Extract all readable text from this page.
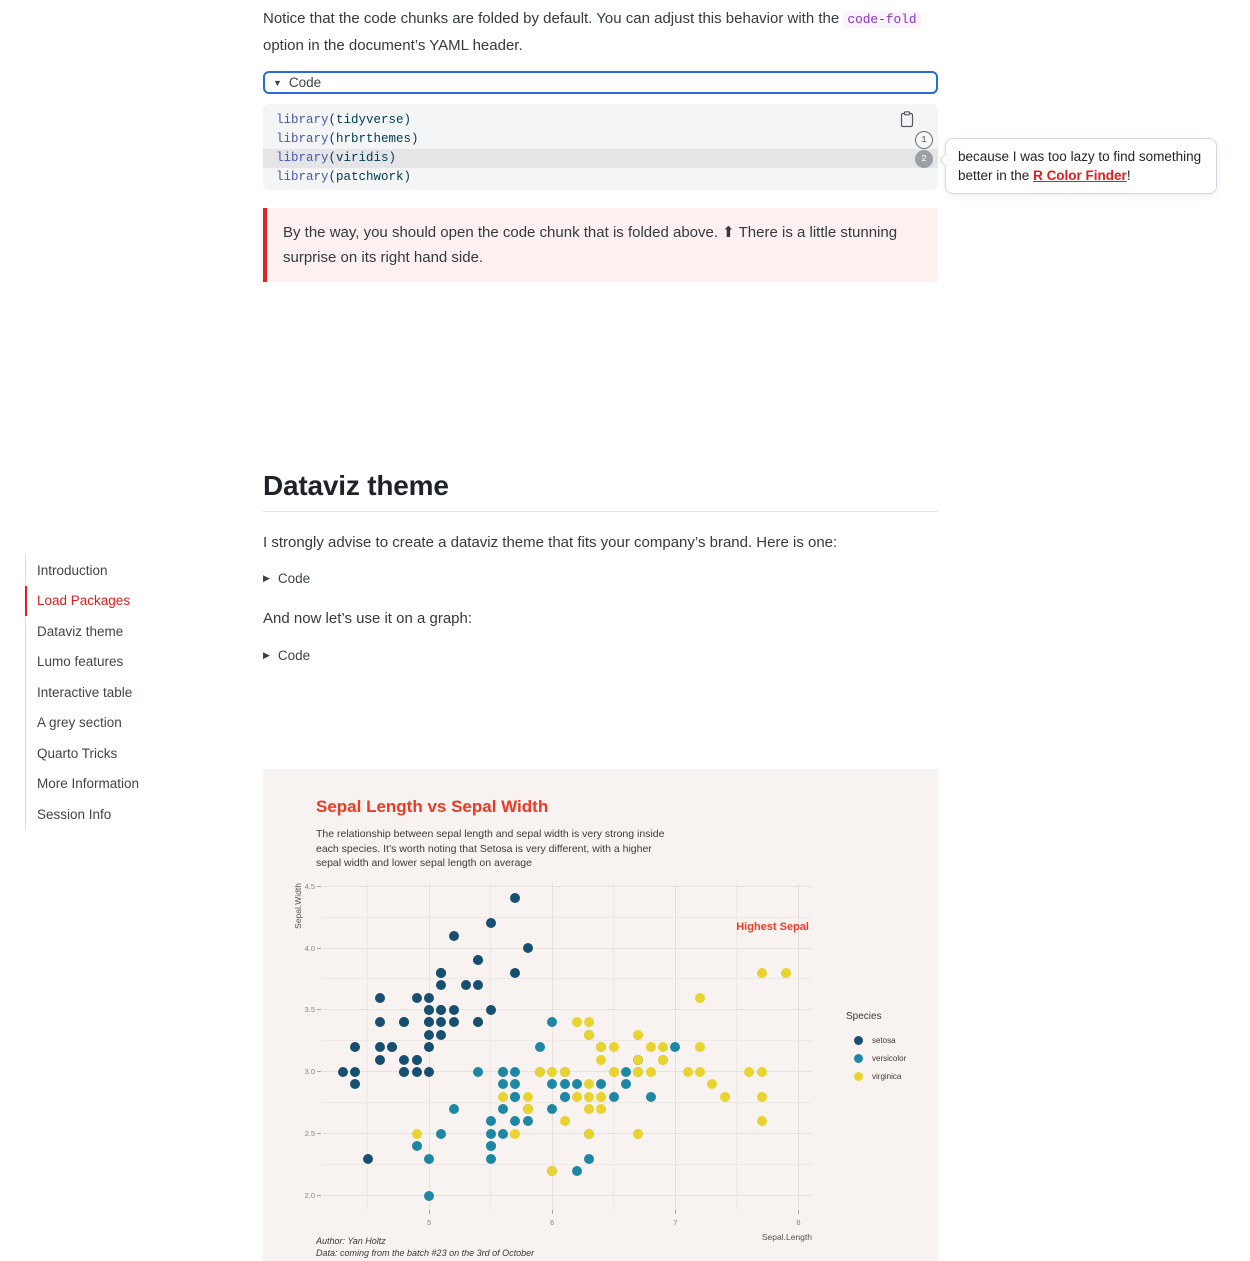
Notice that the code chunks are folded by default. You can adjust this behavior with the code-fold option in the document’s YAML header.
▼ Code
library(tidyverse)
library(hrbrthemes)
library(viridis)
library(patchwork)
1
2	because I was too lazy to find something better in the R Color Finder!
By the way, you should open the code chunk that is folded above. ⬆ There is a little stunning surprise on its right hand side.
Dataviz theme
I strongly advise to create a dataviz theme that fits your company’s brand. Here is one:
▶ Code
And now let’s use it on a graph:
▶ Code
Introduction
Load Packages
Dataviz theme
Lumo features
Interactive table
A grey section
Quarto Tricks
More Information
Session Info	Sepal Length vs Sepal Width
The relationship between sepal length and sepal width is very strong inside
each species. It’s worth noting that Setosa is very different, with a higher
sepal width and lower sepal length on average
Sepal.Width
Sepal.Length
Species
setosa
versicolor
virginica
Author: Yan Holtz
Data: coming from the batch #23 on the 3rd of October
5	6	7	8
2.0
2.5
3.0
3.5
4.0
4.5
Highest Sepal
